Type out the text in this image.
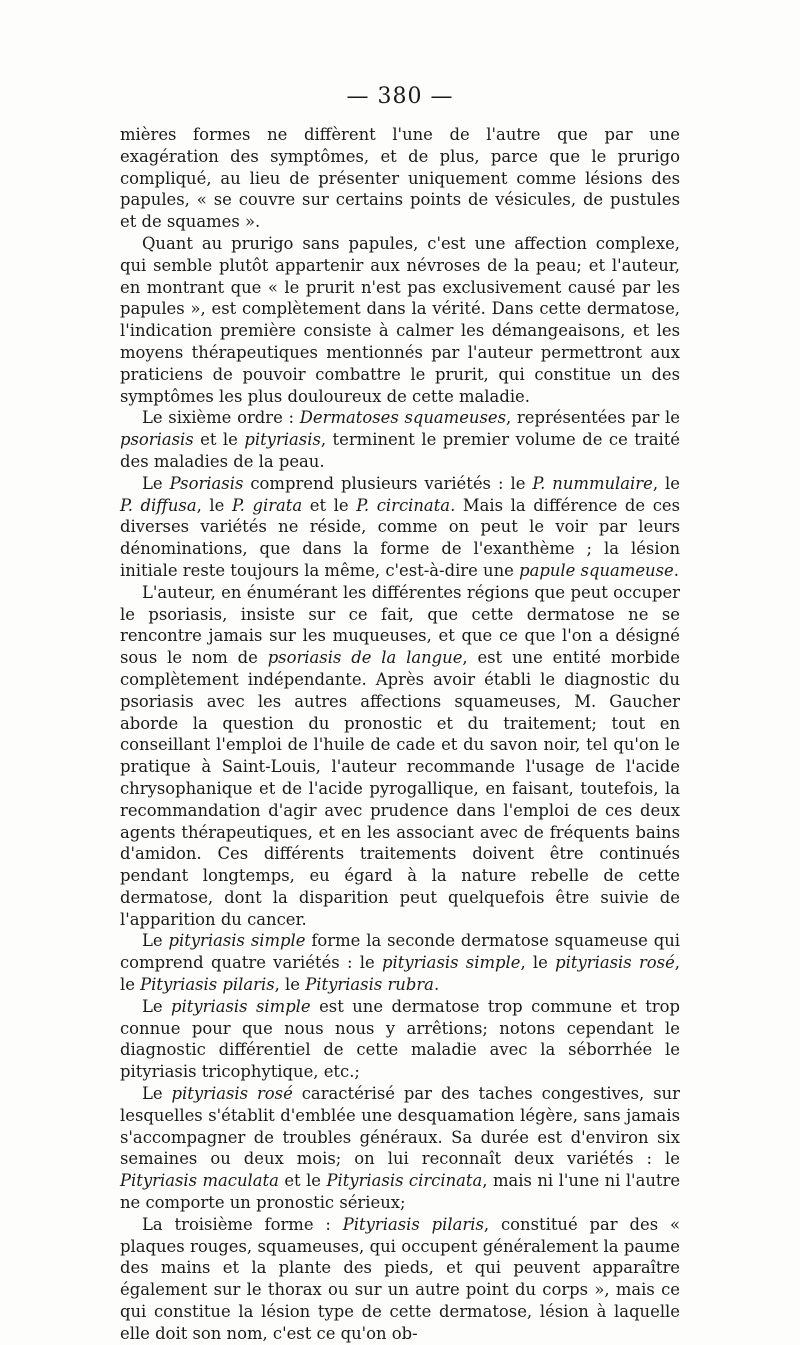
— 380 —

mières formes ne diffèrent l'une de l'autre que par une exagération des symptômes, et de plus, parce que le prurigo compliqué, au lieu de présenter uniquement comme lésions des papules, « se couvre sur certains points de vésicules, de pustules et de squames ».

Quant au prurigo sans papules, c'est une affection complexe, qui semble plutôt appartenir aux névroses de la peau; et l'auteur, en montrant que « le prurit n'est pas exclusivement causé par les papules », est complètement dans la vérité. Dans cette dermatose, l'indication première consiste à calmer les démangeaisons, et les moyens thérapeutiques mentionnés par l'auteur permettront aux praticiens de pouvoir combattre le prurit, qui constitue un des symptômes les plus douloureux de cette maladie.

Le sixième ordre : Dermatoses squameuses, représentées par le psoriasis et le pityriasis, terminent le premier volume de ce traité des maladies de la peau.

Le Psoriasis comprend plusieurs variétés : le P. nummulaire, le P. diffusa, le P. girata et le P. circinata. Mais la différence de ces diverses variétés ne réside, comme on peut le voir par leurs dénominations, que dans la forme de l'exanthème ; la lésion initiale reste toujours la même, c'est-à-dire une papule squameuse.

L'auteur, en énumérant les différentes régions que peut occuper le psoriasis, insiste sur ce fait, que cette dermatose ne se rencontre jamais sur les muqueuses, et que ce que l'on a désigné sous le nom de psoriasis de la langue, est une entité morbide complètement indépendante. Après avoir établi le diagnostic du psoriasis avec les autres affections squameuses, M. Gaucher aborde la question du pronostic et du traitement; tout en conseillant l'emploi de l'huile de cade et du savon noir, tel qu'on le pratique à Saint-Louis, l'auteur recommande l'usage de l'acide chrysophanique et de l'acide pyrogallique, en faisant, toutefois, la recommandation d'agir avec prudence dans l'emploi de ces deux agents thérapeutiques, et en les associant avec de fréquents bains d'amidon. Ces différents traitements doivent être continués pendant longtemps, eu égard à la nature rebelle de cette dermatose, dont la disparition peut quelquefois être suivie de l'apparition du cancer.

Le pityriasis simple forme la seconde dermatose squameuse qui comprend quatre variétés : le pityriasis simple, le pityriasis rosé, le Pityriasis pilaris, le Pityriasis rubra.

Le pityriasis simple est une dermatose trop commune et trop connue pour que nous nous y arrêtions; notons cependant le diagnostic différentiel de cette maladie avec la séborrhée le pityriasis tricophytique, etc.;

Le pityriasis rosé caractérisé par des taches congestives, sur lesquelles s'établit d'emblée une desquamation légère, sans jamais s'accompagner de troubles généraux. Sa durée est d'environ six semaines ou deux mois; on lui reconnaît deux variétés : le Pityriasis maculata et le Pityriasis circinata, mais ni l'une ni l'autre ne comporte un pronostic sérieux;

La troisième forme : Pityriasis pilaris, constitué par des « plaques rouges, squameuses, qui occupent généralement la paume des mains et la plante des pieds, et qui peuvent apparaître également sur le thorax ou sur un autre point du corps », mais ce qui constitue la lésion type de cette dermatose, lésion à laquelle elle doit son nom, c'est ce qu'on ob-
